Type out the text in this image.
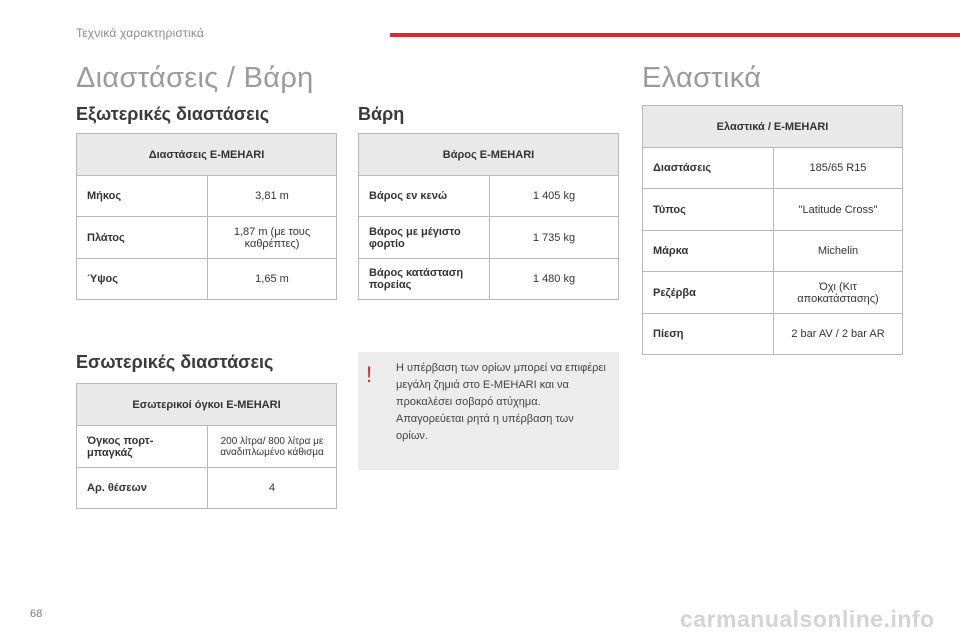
Τεχνικά χαρακτηριστικά
Διαστάσεις / Βάρη	Ελαστικά
Εξωτερικές διαστάσεις
Διαστάσεις E-MEHARI	
Μήκος	3,81 m
Πλάτος	1,87 m (με τους καθρέπτες)
Ύψος	1,65 m
Εσωτερικές διαστάσεις
Εσωτερικοί όγκοι E-MEHARI	
Όγκος πορτ-μπαγκάζ	200 λίτρα/ 800 λίτρα με αναδιπλωμένο κάθισμα
Αρ. θέσεων	4
Βάρη
Βάρος E-MEHARI	
Βάρος εν κενώ	1 405 kg
Βάρος με μέγιστο φορτίο	1 735 kg
Βάρος κατάσταση πορείας	1 480 kg
! Η υπέρβαση των ορίων μπορεί να επιφέρει μεγάλη ζημιά στο E-MEHARI και να προκαλέσει σοβαρό ατύχημα. Απαγορεύεται ρητά η υπέρβαση των ορίων.
Ελαστικά / E-MEHARI	
Διαστάσεις	185/65 R15
Τύπος	"Latitude Cross"
Μάρκα	Michelin
Ρεζέρβα	Όχι (Κιτ αποκατάστασης)
Πίεση	2 bar AV / 2 bar AR
68	carmanualsonline.info
